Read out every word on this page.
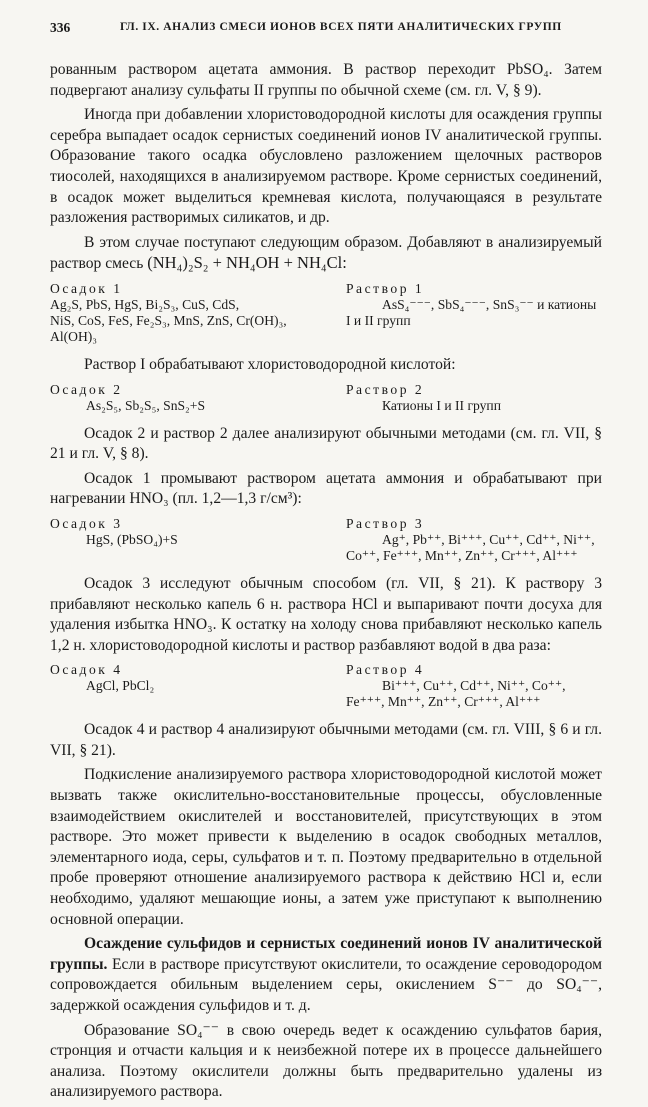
336	ГЛ. IX. АНАЛИЗ СМЕСИ ИОНОВ ВСЕХ ПЯТИ АНАЛИТИЧЕСКИХ ГРУПП

рованным раствором ацетата аммония. В раствор переходит PbSO₄. Затем подвергают анализу сульфаты II группы по обычной схеме (см. гл. V, § 9).

Иногда при добавлении хлористоводородной кислоты для осаждения группы серебра выпадает осадок сернистых соединений ионов IV аналитической группы. Образование такого осадка обусловлено разложением щелочных растворов тиосолей, находящихся в анализируемом растворе. Кроме сернистых соединений, в осадок может выделиться кремневая кислота, получающаяся в результате разложения растворимых силикатов, и др.

В этом случае поступают следующим образом. Добавляют в анализируемый раствор смесь (NH₄)₂S₂ + NH₄OH + NH₄Cl:

Осадок 1
Ag₂S, PbS, HgS, Bi₂S₃, CuS, CdS,
NiS, CoS, FeS, Fe₂S₃, MnS, ZnS, Cr(OH)₃,
Al(OH)₃
Раствор 1
AsS₄⁻⁻⁻, SbS₄⁻⁻⁻, SnS₃⁻⁻ и катионы
I и II групп

Раствор I обрабатывают хлористоводородной кислотой:

Осадок 2
As₂S₅, Sb₂S₅, SnS₂+S
Раствор 2
Катионы I и II групп

Осадок 2 и раствор 2 далее анализируют обычными методами (см. гл. VII, § 21 и гл. V, § 8).

Осадок 1 промывают раствором ацетата аммония и обрабатывают при нагревании HNO₃ (пл. 1,2—1,3 г/см³):

Осадок 3
HgS, (PbSO₄)+S
Раствор 3
Ag⁺, Pb⁺⁺, Bi⁺⁺⁺, Cu⁺⁺, Cd⁺⁺, Ni⁺⁺,
Co⁺⁺, Fe⁺⁺⁺, Mn⁺⁺, Zn⁺⁺, Cr⁺⁺⁺, Al⁺⁺⁺

Осадок 3 исследуют обычным способом (гл. VII, § 21). К раствору 3 прибавляют несколько капель 6 н. раствора HCl и выпаривают почти досуха для удаления избытка HNO₃. К остатку на холоду снова прибавляют несколько капель 1,2 н. хлористоводородной кислоты и раствор разбавляют водой в два раза:

Осадок 4
AgCl, PbCl₂
Раствор 4
Bi⁺⁺⁺, Cu⁺⁺, Cd⁺⁺, Ni⁺⁺, Co⁺⁺,
Fe⁺⁺⁺, Mn⁺⁺, Zn⁺⁺, Cr⁺⁺⁺, Al⁺⁺⁺

Осадок 4 и раствор 4 анализируют обычными методами (см. гл. VIII, § 6 и гл. VII, § 21).

Подкисление анализируемого раствора хлористоводородной кислотой может вызвать также окислительно-восстановительные процессы, обусловленные взаимодействием окислителей и восстановителей, присутствующих в этом растворе. Это может привести к выделению в осадок свободных металлов, элементарного иода, серы, сульфатов и т. п. Поэтому предварительно в отдельной пробе проверяют отношение анализируемого раствора к действию HCl и, если необходимо, удаляют мешающие ионы, а затем уже приступают к выполнению основной операции.

Осаждение сульфидов и сернистых соединений ионов IV аналитической группы. Если в растворе присутствуют окислители, то осаждение сероводородом сопровождается обильным выделением серы, окислением S⁻⁻ до SO₄⁻⁻, задержкой осаждения сульфидов и т. д.

Образование SO₄⁻⁻ в свою очередь ведет к осаждению сульфатов бария, стронция и отчасти кальция и к неизбежной потере их в процессе дальнейшего анализа. Поэтому окислители должны быть предварительно удалены из анализируемого раствора.
